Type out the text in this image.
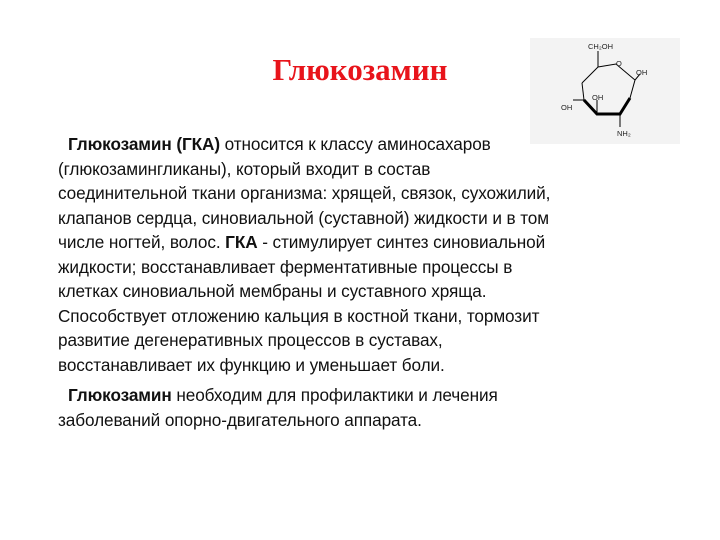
Глюкозамин
CH₂OH
O
OH
OH
OH
NH₂

Глюкозамин (ГКА) относится к классу аминосахаров (глюкозамингликаны), который входит в состав соединительной ткани организма: хрящей, связок, сухожилий, клапанов сердца, синовиальной (суставной) жидкости и в том числе ногтей, волос. ГКА - стимулирует синтез синовиальной жидкости; восстанавливает ферментативные процессы в клетках синовиальной мембраны и суставного хряща. Способствует отложению кальция в костной ткани, тормозит развитие дегенеративных процессов в суставах, восстанавливает их функцию и уменьшает боли.

Глюкозамин необходим для профилактики и лечения заболеваний опорно-двигательного аппарата.
